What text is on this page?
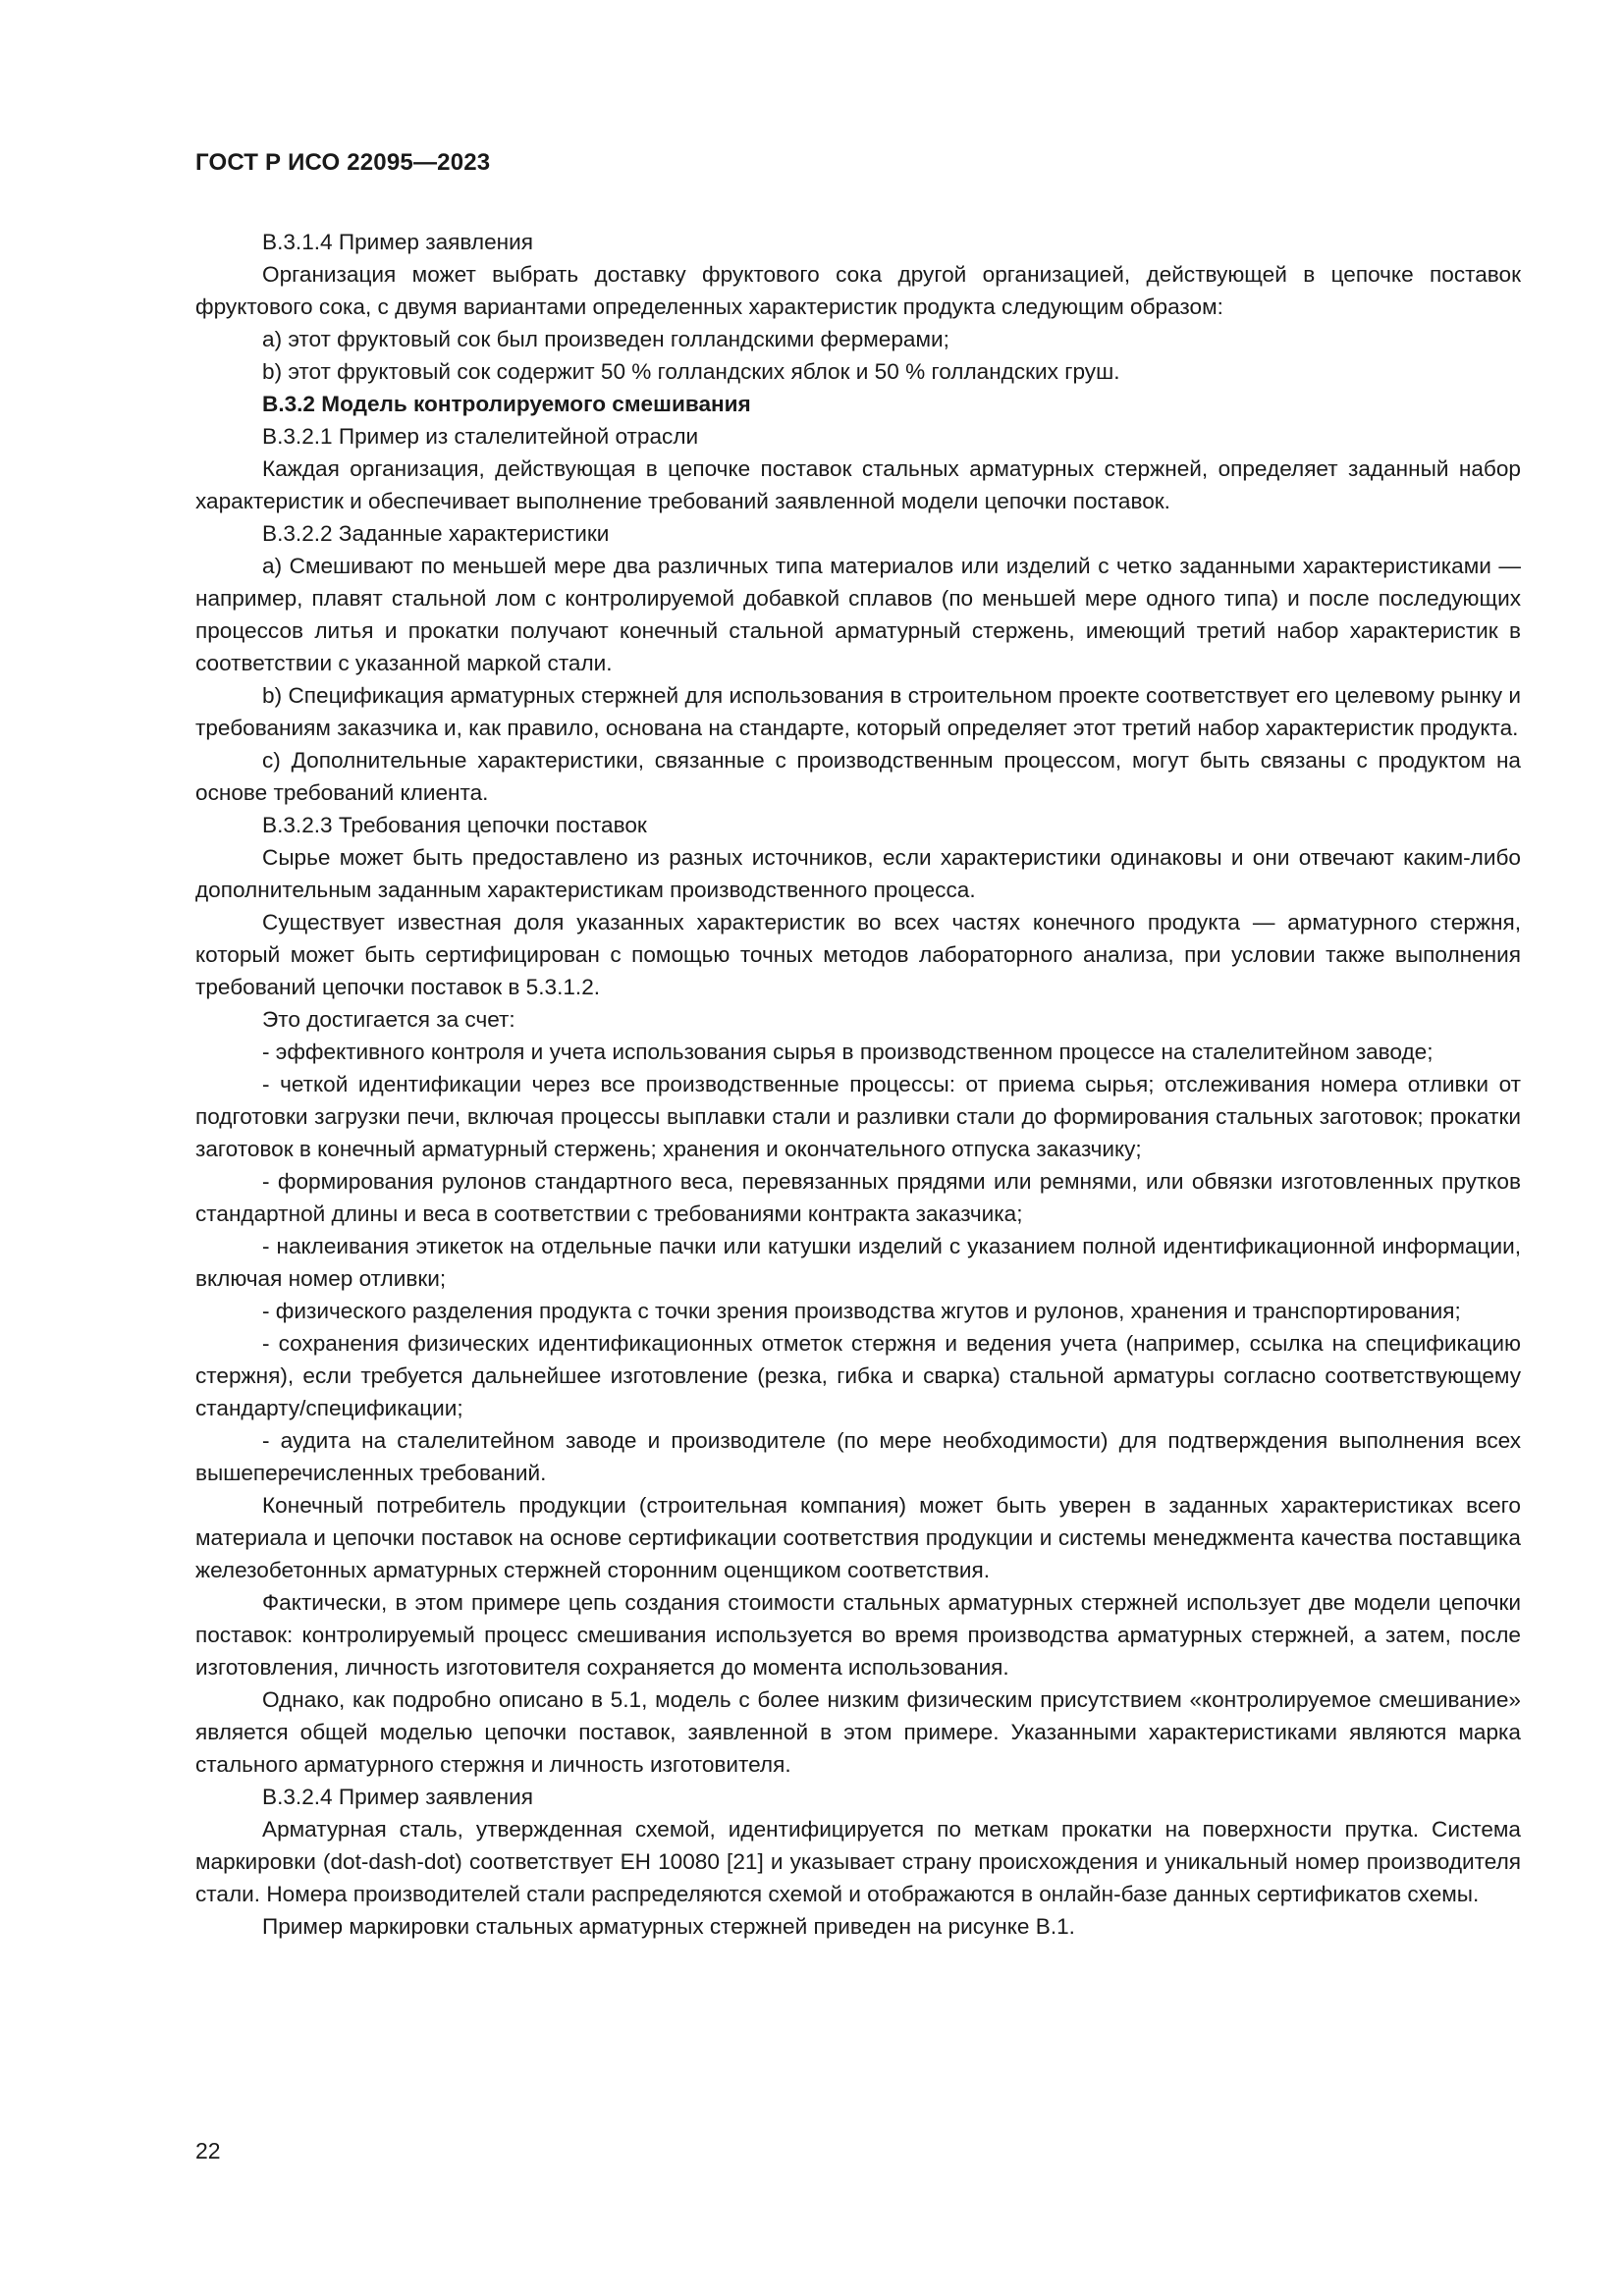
ГОСТ Р ИСО 22095—2023

В.3.1.4 Пример заявления

Организация может выбрать доставку фруктового сока другой организацией, действующей в цепочке поставок фруктового сока, с двумя вариантами определенных характеристик продукта следующим образом:

a) этот фруктовый сок был произведен голландскими фермерами;

b) этот фруктовый сок содержит 50 % голландских яблок и 50 % голландских груш.

В.3.2 Модель контролируемого смешивания

В.3.2.1 Пример из сталелитейной отрасли

Каждая организация, действующая в цепочке поставок стальных арматурных стержней, определяет заданный набор характеристик и обеспечивает выполнение требований заявленной модели цепочки поставок.

В.3.2.2 Заданные характеристики

a) Смешивают по меньшей мере два различных типа материалов или изделий с четко заданными характеристиками — например, плавят стальной лом с контролируемой добавкой сплавов (по меньшей мере одного типа) и после последующих процессов литья и прокатки получают конечный стальной арматурный стержень, имеющий третий набор характеристик в соответствии с указанной маркой стали.

b) Спецификация арматурных стержней для использования в строительном проекте соответствует его целевому рынку и требованиям заказчика и, как правило, основана на стандарте, который определяет этот третий набор характеристик продукта.

c) Дополнительные характеристики, связанные с производственным процессом, могут быть связаны с продуктом на основе требований клиента.

В.3.2.3 Требования цепочки поставок

Сырье может быть предоставлено из разных источников, если характеристики одинаковы и они отвечают каким-либо дополнительным заданным характеристикам производственного процесса.

Существует известная доля указанных характеристик во всех частях конечного продукта — арматурного стержня, который может быть сертифицирован с помощью точных методов лабораторного анализа, при условии также выполнения требований цепочки поставок в 5.3.1.2.

Это достигается за счет:

- эффективного контроля и учета использования сырья в производственном процессе на сталелитейном заводе;

- четкой идентификации через все производственные процессы: от приема сырья; отслеживания номера отливки от подготовки загрузки печи, включая процессы выплавки стали и разливки стали до формирования стальных заготовок; прокатки заготовок в конечный арматурный стержень; хранения и окончательного отпуска заказчику;

- формирования рулонов стандартного веса, перевязанных прядями или ремнями, или обвязки изготовленных прутков стандартной длины и веса в соответствии с требованиями контракта заказчика;

- наклеивания этикеток на отдельные пачки или катушки изделий с указанием полной идентификационной информации, включая номер отливки;

- физического разделения продукта с точки зрения производства жгутов и рулонов, хранения и транспортирования;

- сохранения физических идентификационных отметок стержня и ведения учета (например, ссылка на спецификацию стержня), если требуется дальнейшее изготовление (резка, гибка и сварка) стальной арматуры согласно соответствующему стандарту/спецификации;

- аудита на сталелитейном заводе и производителе (по мере необходимости) для подтверждения выполнения всех вышеперечисленных требований.

Конечный потребитель продукции (строительная компания) может быть уверен в заданных характеристиках всего материала и цепочки поставок на основе сертификации соответствия продукции и системы менеджмента качества поставщика железобетонных арматурных стержней сторонним оценщиком соответствия.

Фактически, в этом примере цепь создания стоимости стальных арматурных стержней использует две модели цепочки поставок: контролируемый процесс смешивания используется во время производства арматурных стержней, а затем, после изготовления, личность изготовителя сохраняется до момента использования.

Однако, как подробно описано в 5.1, модель с более низким физическим присутствием «контролируемое смешивание» является общей моделью цепочки поставок, заявленной в этом примере. Указанными характеристиками являются марка стального арматурного стержня и личность изготовителя.

В.3.2.4 Пример заявления

Арматурная сталь, утвержденная схемой, идентифицируется по меткам прокатки на поверхности прутка. Система маркировки (dot-dash-dot) соответствует ЕН 10080 [21] и указывает страну происхождения и уникальный номер производителя стали. Номера производителей стали распределяются схемой и отображаются в онлайн-базе данных сертификатов схемы.

Пример маркировки стальных арматурных стержней приведен на рисунке В.1.

22
